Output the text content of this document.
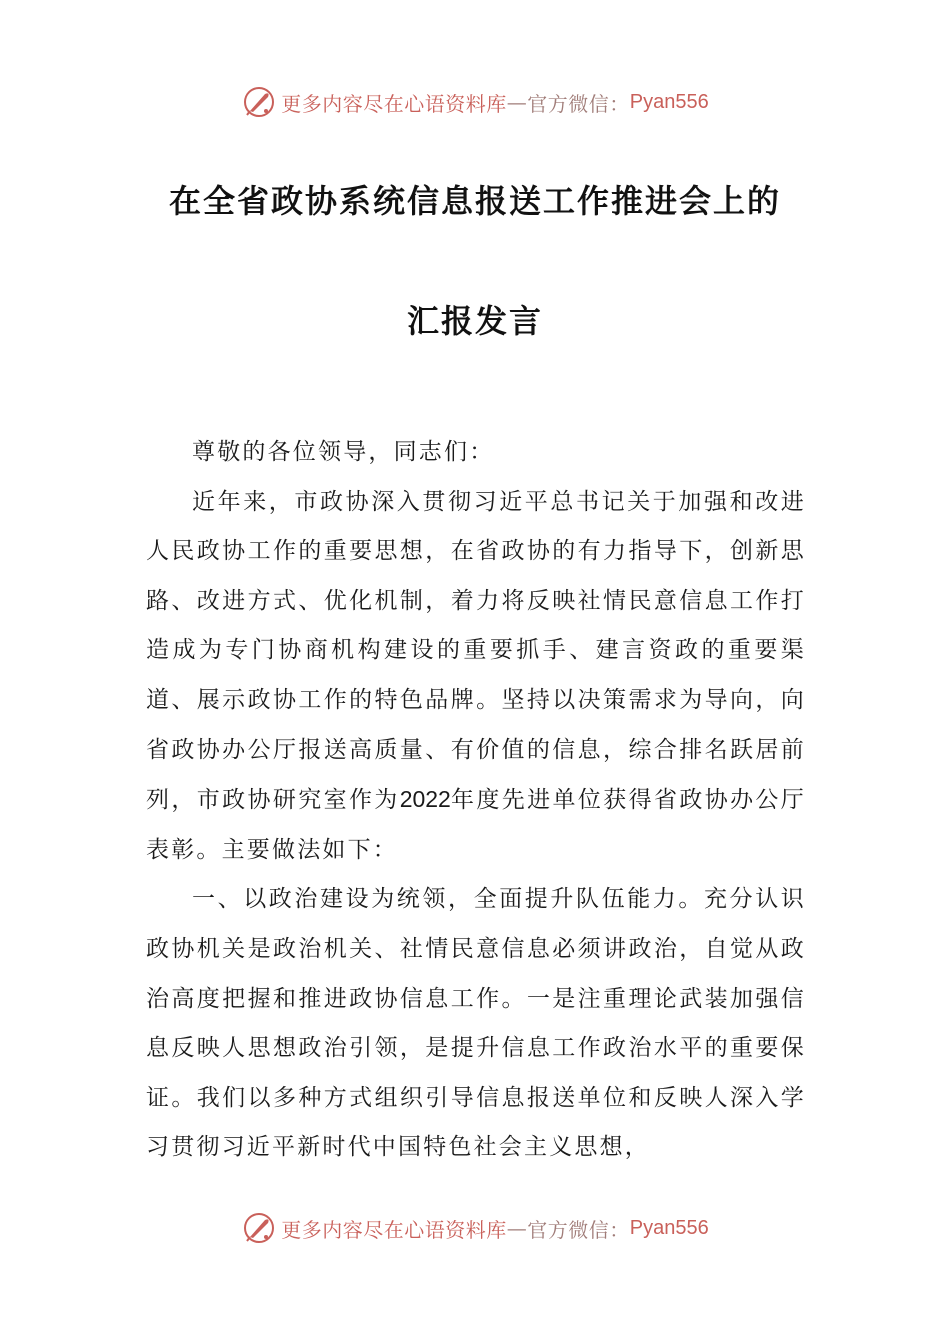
更多内容尽在心语资料库 — 官方微信： Pyan556
在全省政协系统信息报送工作推进会上的
汇报发言

尊敬的各位领导，同志们：

近年来，市政协深入贯彻习近平总书记关于加强和改进人民政协工作的重要思想，在省政协的有力指导下，创新思路、改进方式、优化机制，着力将反映社情民意信息工作打造成为专门协商机构建设的重要抓手、建言资政的重要渠道、展示政协工作的特色品牌。坚持以决策需求为导向，向省政协办公厅报送高质量、有价值的信息，综合排名跃居前列，市政协研究室作为2022年度先进单位获得省政协办公厅表彰。主要做法如下：

一、以政治建设为统领，全面提升队伍能力。充分认识政协机关是政治机关、社情民意信息必须讲政治，自觉从政治高度把握和推进政协信息工作。一是注重理论武装加强信息反映人思想政治引领，是提升信息工作政治水平的重要保证。我们以多种方式组织引导信息报送单位和反映人深入学习贯彻习近平新时代中国特色社会主义思想，

更多内容尽在心语资料库 — 官方微信： Pyan556
